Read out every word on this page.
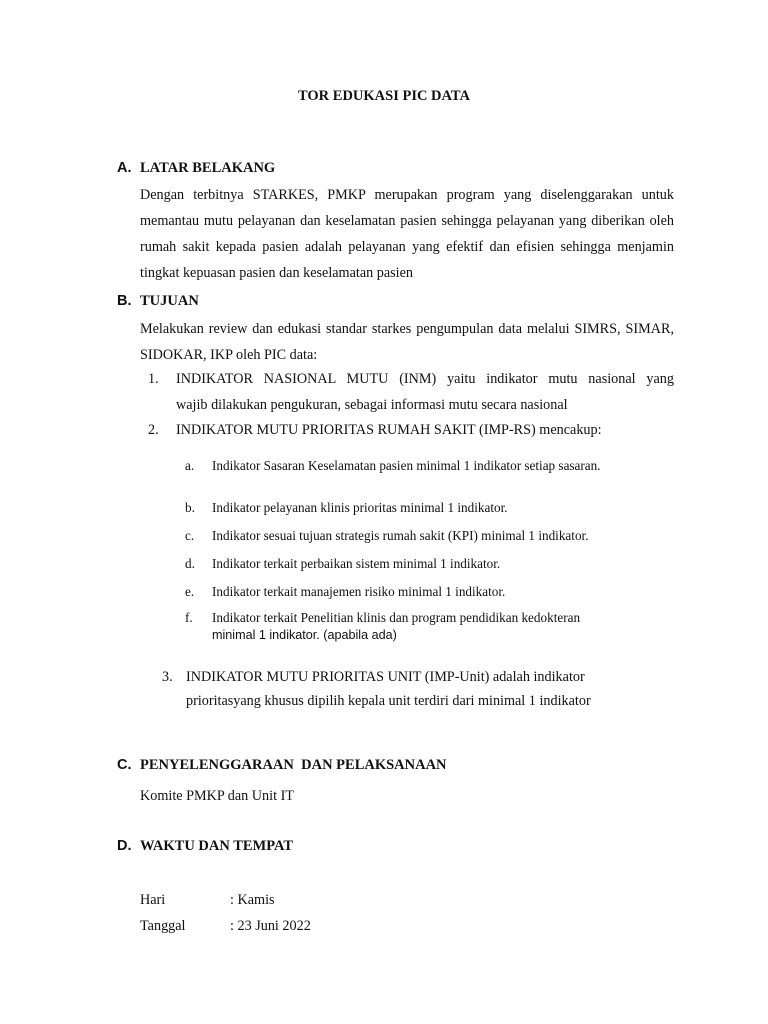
TOR EDUKASI PIC DATA
A. LATAR BELAKANG

Dengan terbitnya STARKES, PMKP merupakan program yang diselenggarakan untuk memantau mutu pelayanan dan keselamatan pasien sehingga pelayanan yang diberikan oleh rumah sakit kepada pasien adalah pelayanan yang efektif dan efisien sehingga menjamin tingkat kepuasan pasien dan keselamatan pasien

B. TUJUAN

Melakukan review dan edukasi standar starkes pengumpulan data melalui SIMRS, SIMAR, SIDOKAR, IKP oleh PIC data:

1. INDIKATOR NASIONAL MUTU (INM) yaitu indikator mutu nasional yang
wajib dilakukan pengukuran, sebagai informasi mutu secara nasional
2. INDIKATOR MUTU PRIORITAS RUMAH SAKIT (IMP-RS) mencakup:
a. Indikator Sasaran Keselamatan pasien minimal 1 indikator setiap sasaran.
b. Indikator pelayanan klinis prioritas minimal 1 indikator.
c. Indikator sesuai tujuan strategis rumah sakit (KPI) minimal 1 indikator.
d. Indikator terkait perbaikan sistem minimal 1 indikator.
e. Indikator terkait manajemen risiko minimal 1 indikator.
f. Indikator terkait Penelitian klinis dan program pendidikan kedokteran
minimal 1 indikator. (apabila ada)
3. INDIKATOR MUTU PRIORITAS UNIT (IMP-Unit) adalah indikator
prioritasyang khusus dipilih kepala unit terdiri dari minimal 1 indikator
C. PENYELENGGARAAN  DAN PELAKSANAAN
Komite PMKP dan Unit IT
D. WAKTU DAN TEMPAT
Hari	: Kamis
Tanggal	: 23 Juni 2022
